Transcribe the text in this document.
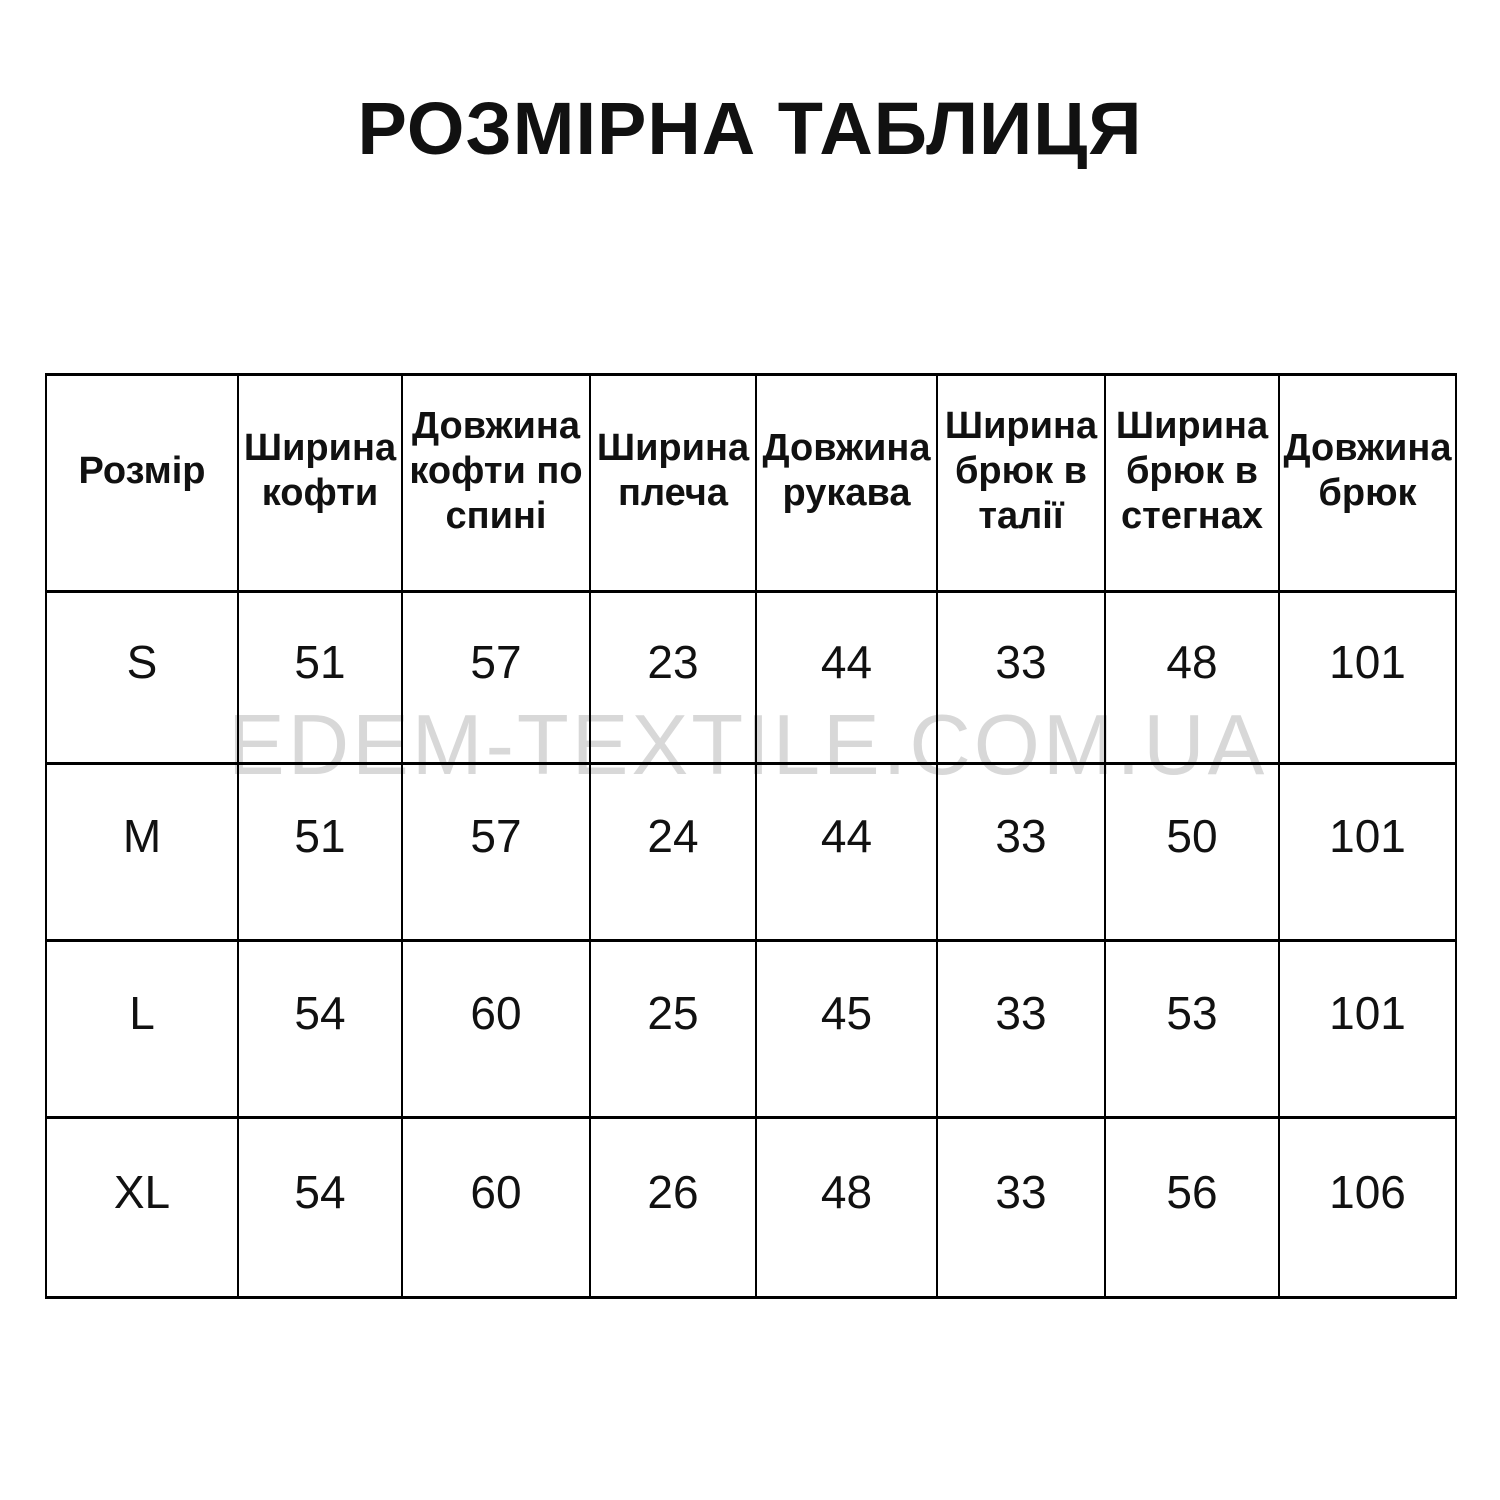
РОЗМІРНА ТАБЛИЦЯ
EDEM-TEXTILE.COM.UA
Розмір	Ширина кофти	Довжина кофти по спині	Ширина плеча	Довжина рукава	Ширина брюк в талії	Ширина брюк в стегнах	Довжина брюк
S	51	57	23	44	33	48	101
M	51	57	24	44	33	50	101
L	54	60	25	45	33	53	101
XL	54	60	26	48	33	56	106
